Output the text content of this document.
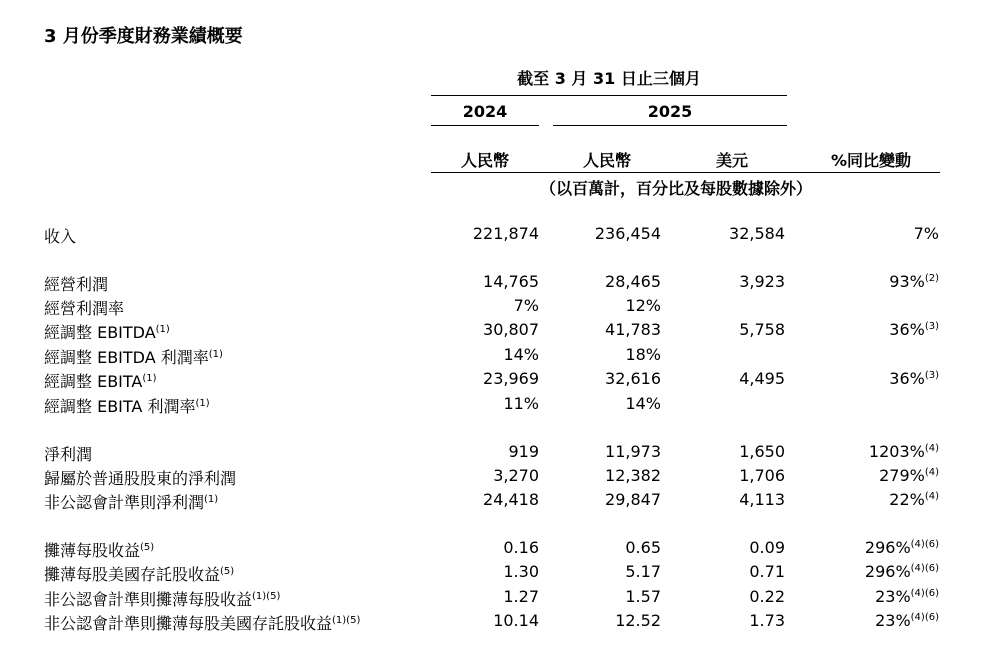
3 月份季度財務業績概要
截至 3 月 31 日止三個月
2024	2025
人民幣	人民幣	美元	%同比變動
（以百萬計，百分比及每股數據除外）
收入	221,874	236,454	32,584	7%
經營利潤	14,765	28,465	3,923	93%$^{(2)}$
經營利潤率	7%	12%
經調整 EBITDA$^{(1)}$	30,807	41,783	5,758	36%$^{(3)}$
經調整 EBITDA 利潤率$^{(1)}$	14%	18%
經調整 EBITA$^{(1)}$	23,969	32,616	4,495	36%$^{(3)}$
經調整 EBITA 利潤率$^{(1)}$	11%	14%
淨利潤	919	11,973	1,650	1203%$^{(4)}$
歸屬於普通股股東的淨利潤	3,270	12,382	1,706	279%$^{(4)}$
非公認會計準則淨利潤$^{(1)}$	24,418	29,847	4,113	22%$^{(4)}$
攤薄每股收益$^{(5)}$	0.16	0.65	0.09	296%$^{(4)(6)}$
攤薄每股美國存託股收益$^{(5)}$	1.30	5.17	0.71	296%$^{(4)(6)}$
非公認會計準則攤薄每股收益$^{(1)(5)}$	1.27	1.57	0.22	23%$^{(4)(6)}$
非公認會計準則攤薄每股美國存託股收益$^{(1)(5)}$	10.14	12.52	1.73	23%$^{(4)(6)}$
